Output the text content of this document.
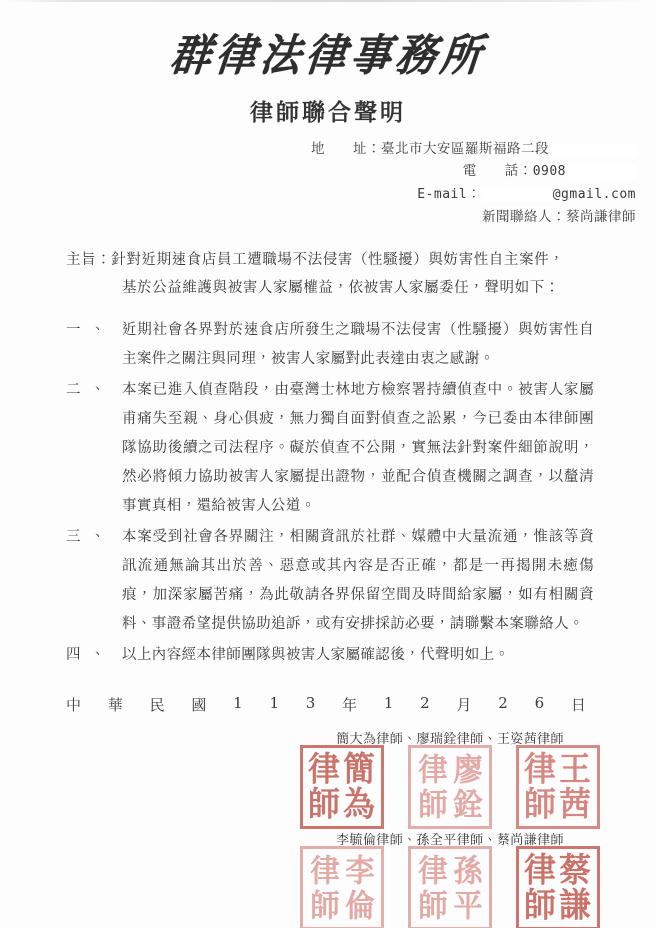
群律法律事務所
律師聯合聲明
地　　址：臺北市大安區羅斯福路二段
電　　話：0908
E-mail：	@gmail.com
新聞聯絡人：蔡尚謙律師
主旨：針對近期速食店員工遭職場不法侵害（性騷擾）與妨害性自主案件，
基於公益維護與被害人家屬權益，依被害人家屬委任，聲明如下：
一、 近期社會各界對於速食店所發生之職場不法侵害（性騷擾）與妨害性自主案件之關注與同理，被害人家屬對此表達由衷之感謝。
二、 本案已進入偵查階段，由臺灣士林地方檢察署持續偵查中。被害人家屬甫痛失至親、身心俱疲，無力獨自面對偵查之訟累，今已委由本律師團隊協助後續之司法程序。礙於偵查不公開，實無法針對案件細節說明，然必將傾力協助被害人家屬提出證物，並配合偵查機關之調查，以釐清事實真相，還給被害人公道。
三、 本案受到社會各界關注，相關資訊於社群、媒體中大量流通，惟該等資訊流通無論其出於善、惡意或其內容是否正確，都是一再揭開未癒傷痕，加深家屬苦痛，為此敬請各界保留空間及時間給家屬，如有相關資料、事證希望提供協助追訴，或有安排採訪必要，請聯繫本案聯絡人。
四、 以上內容經本律師團隊與被害人家屬確認後，代聲明如上。
中 華 民 國 1 1 3 年 1 2 月 2 6 日
簡大為律師、廖瑞銓律師、王姿茜律師
律 簡
師 為
律 廖
師 銓
律 王
師 茜
李毓倫律師、孫全平律師、蔡尚謙律師
律 李
師 倫
律 孫
師 平
律 蔡
師 謙
